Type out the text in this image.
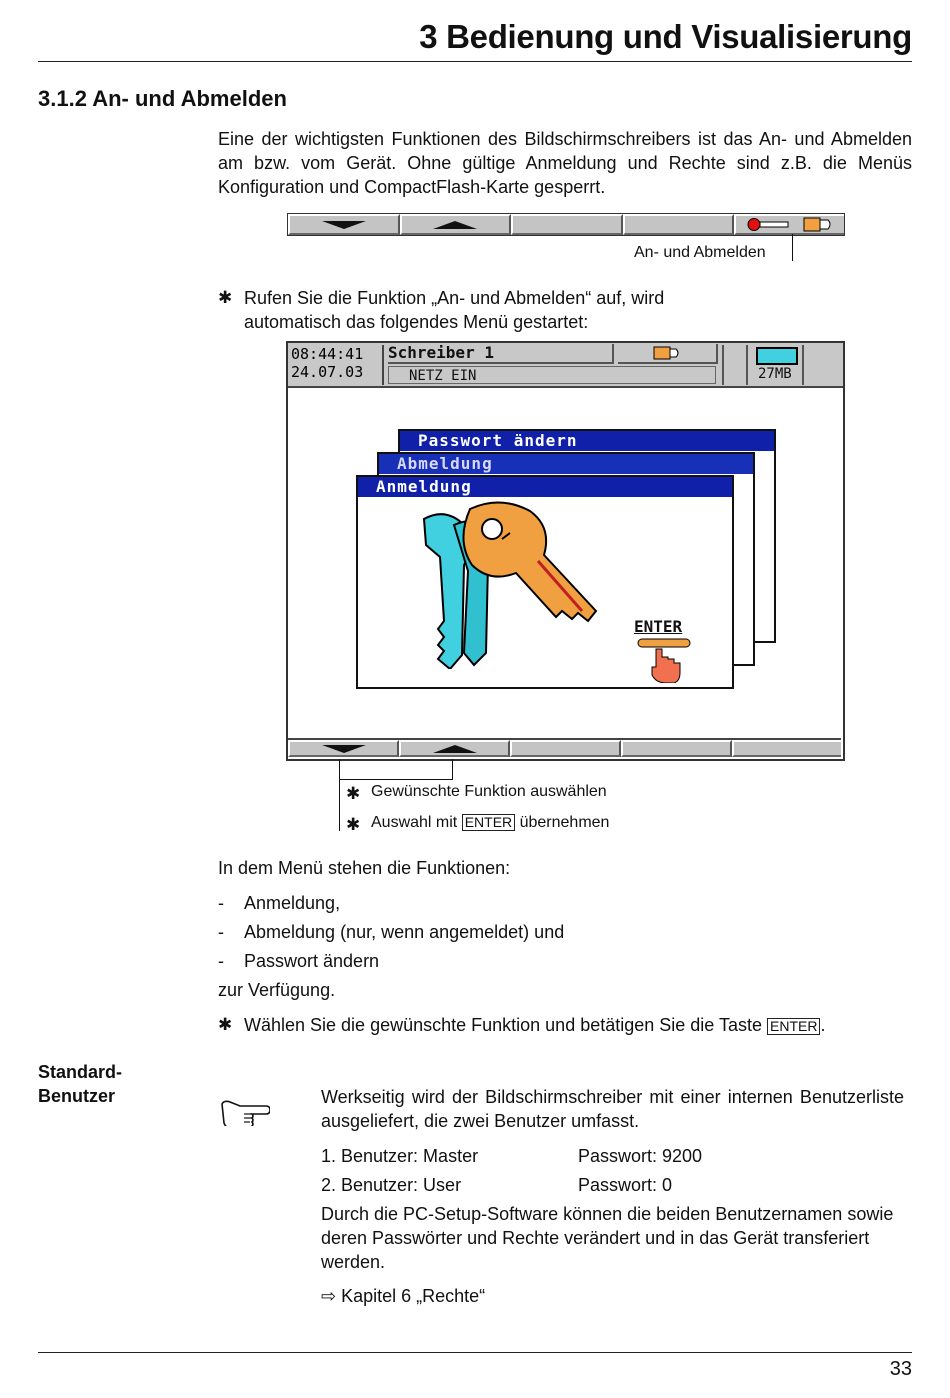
3 Bedienung und Visualisierung
3.1.2 An- und Abmelden
Eine der wichtigsten Funktionen des Bildschirmschreibers ist das An- und Abmelden am bzw. vom Gerät. Ohne gültige Anmeldung und Rechte sind z.B. die Menüs Konfiguration und CompactFlash-Karte gesperrt.
An- und Abmelden
✱ Rufen Sie die Funktion „An- und Abmelden“ auf, wird automatisch das folgendes Menü gestartet:
08:44:41
24.07.03
Schreiber 1
NETZ EIN	27MB
Passwort ändern
Abmeldung
Anmeldung
ENTER
✱ Gewünschte Funktion auswählen
✱ Auswahl mit ENTER übernehmen
In dem Menü stehen die Funktionen:
- Anmeldung,
- Abmeldung (nur, wenn angemeldet) und
- Passwort ändern
zur Verfügung.
✱ Wählen Sie die gewünschte Funktion und betätigen Sie die Taste ENTER .
Standard-
Benutzer	Werkseitig wird der Bildschirmschreiber mit einer internen Benutzerliste ausgeliefert, die zwei Benutzer umfasst.
1. Benutzer: Master	Passwort: 9200
2. Benutzer: User	Passwort: 0
Durch die PC-Setup-Software können die beiden Benutzernamen sowie deren Passwörter und Rechte verändert und in das Gerät transferiert werden.
⇨ Kapitel 6 „Rechte“
33
